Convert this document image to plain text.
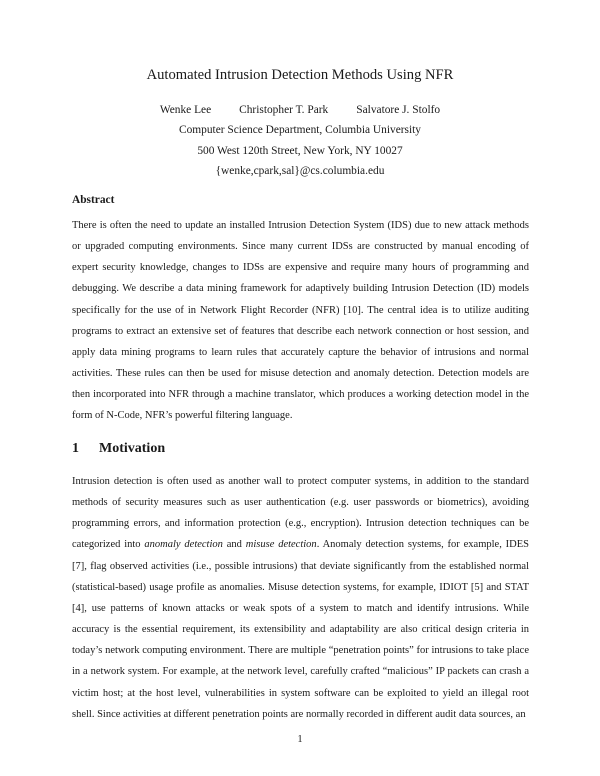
Automated Intrusion Detection Methods Using NFR
Wenke Lee Christopher T. Park Salvatore J. Stolfo
Computer Science Department, Columbia University
500 West 120th Street, New York, NY 10027
{wenke,cpark,sal}@cs.columbia.edu
Abstract
There is often the need to update an installed Intrusion Detection System (IDS) due to new attack methods or upgraded computing environments. Since many current IDSs are constructed by manual encoding of expert security knowledge, changes to IDSs are expensive and require many hours of programming and debugging. We describe a data mining framework for adaptively building Intrusion Detection (ID) models specifically for the use of in Network Flight Recorder (NFR) [10]. The central idea is to utilize auditing programs to extract an extensive set of features that describe each network connection or host session, and apply data mining programs to learn rules that accurately capture the behavior of intrusions and normal activities. These rules can then be used for misuse detection and anomaly detection. Detection models are then incorporated into NFR through a machine translator, which produces a working detection model in the form of N-Code, NFR’s powerful filtering language.
1 Motivation
Intrusion detection is often used as another wall to protect computer systems, in addition to the standard methods of security measures such as user authentication (e.g. user passwords or biometrics), avoiding programming errors, and information protection (e.g., encryption). Intrusion detection techniques can be categorized into anomaly detection and misuse detection. Anomaly detection systems, for example, IDES [7], flag observed activities (i.e., possible intrusions) that deviate significantly from the established normal (statistical-based) usage profile as anomalies. Misuse detection systems, for example, IDIOT [5] and STAT [4], use patterns of known attacks or weak spots of a system to match and identify intrusions. While accuracy is the essential requirement, its extensibility and adaptability are also critical design criteria in today’s network computing environment. There are multiple “penetration points” for intrusions to take place in a network system. For example, at the network level, carefully crafted “malicious” IP packets can crash a victim host; at the host level, vulnerabilities in system software can be exploited to yield an illegal root shell. Since activities at different penetration points are normally recorded in different audit data sources, an
1
